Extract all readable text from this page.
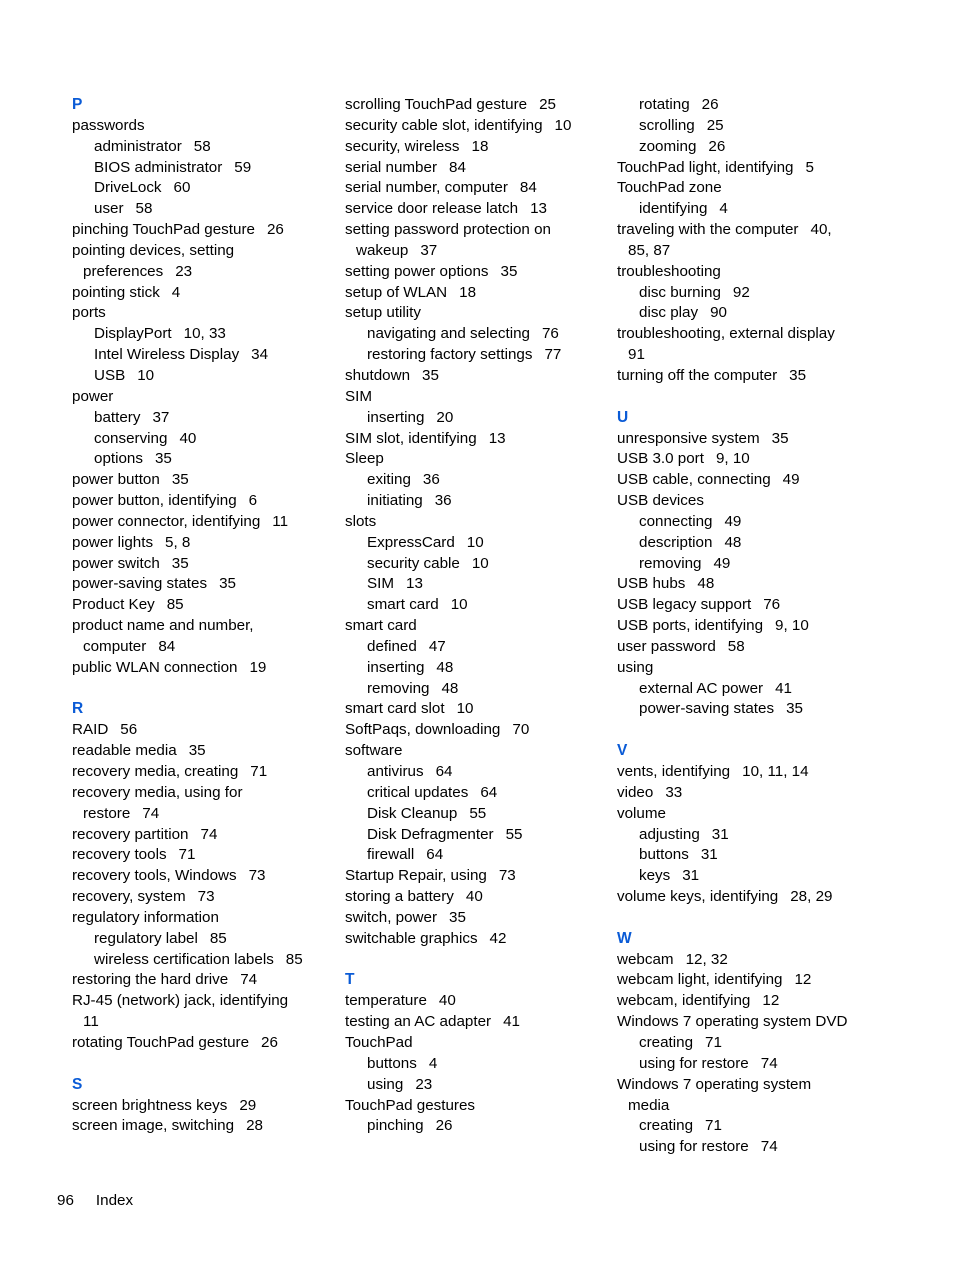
P
passwords
administrator 58
BIOS administrator 59
DriveLock 60
user 58
pinching TouchPad gesture 26
pointing devices, setting
preferences 23
pointing stick 4
ports
DisplayPort 10, 33
Intel Wireless Display 34
USB 10
power
battery 37
conserving 40
options 35
power button 35
power button, identifying 6
power connector, identifying 11
power lights 5, 8
power switch 35
power-saving states 35
Product Key 85
product name and number,
computer 84
public WLAN connection 19
R
RAID 56
readable media 35
recovery media, creating 71
recovery media, using for
restore 74
recovery partition 74
recovery tools 71
recovery tools, Windows 73
recovery, system 73
regulatory information
regulatory label 85
wireless certification labels 85
restoring the hard drive 74
RJ-45 (network) jack, identifying
11
rotating TouchPad gesture 26
S
screen brightness keys 29
screen image, switching 28
scrolling TouchPad gesture 25
security cable slot, identifying 10
security, wireless 18
serial number 84
serial number, computer 84
service door release latch 13
setting password protection on
wakeup 37
setting power options 35
setup of WLAN 18
setup utility
navigating and selecting 76
restoring factory settings 77
shutdown 35
SIM
inserting 20
SIM slot, identifying 13
Sleep
exiting 36
initiating 36
slots
ExpressCard 10
security cable 10
SIM 13
smart card 10
smart card
defined 47
inserting 48
removing 48
smart card slot 10
SoftPaqs, downloading 70
software
antivirus 64
critical updates 64
Disk Cleanup 55
Disk Defragmenter 55
firewall 64
Startup Repair, using 73
storing a battery 40
switch, power 35
switchable graphics 42
T
temperature 40
testing an AC adapter 41
TouchPad
buttons 4
using 23
TouchPad gestures
pinching 26
rotating 26
scrolling 25
zooming 26
TouchPad light, identifying 5
TouchPad zone
identifying 4
traveling with the computer 40,
85, 87
troubleshooting
disc burning 92
disc play 90
troubleshooting, external display
91
turning off the computer 35
U
unresponsive system 35
USB 3.0 port 9, 10
USB cable, connecting 49
USB devices
connecting 49
description 48
removing 49
USB hubs 48
USB legacy support 76
USB ports, identifying 9, 10
user password 58
using
external AC power 41
power-saving states 35
V
vents, identifying 10, 11, 14
video 33
volume
adjusting 31
buttons 31
keys 31
volume keys, identifying 28, 29
W
webcam 12, 32
webcam light, identifying 12
webcam, identifying 12
Windows 7 operating system DVD
creating 71
using for restore 74
Windows 7 operating system
media
creating 71
using for restore 74
96 Index
